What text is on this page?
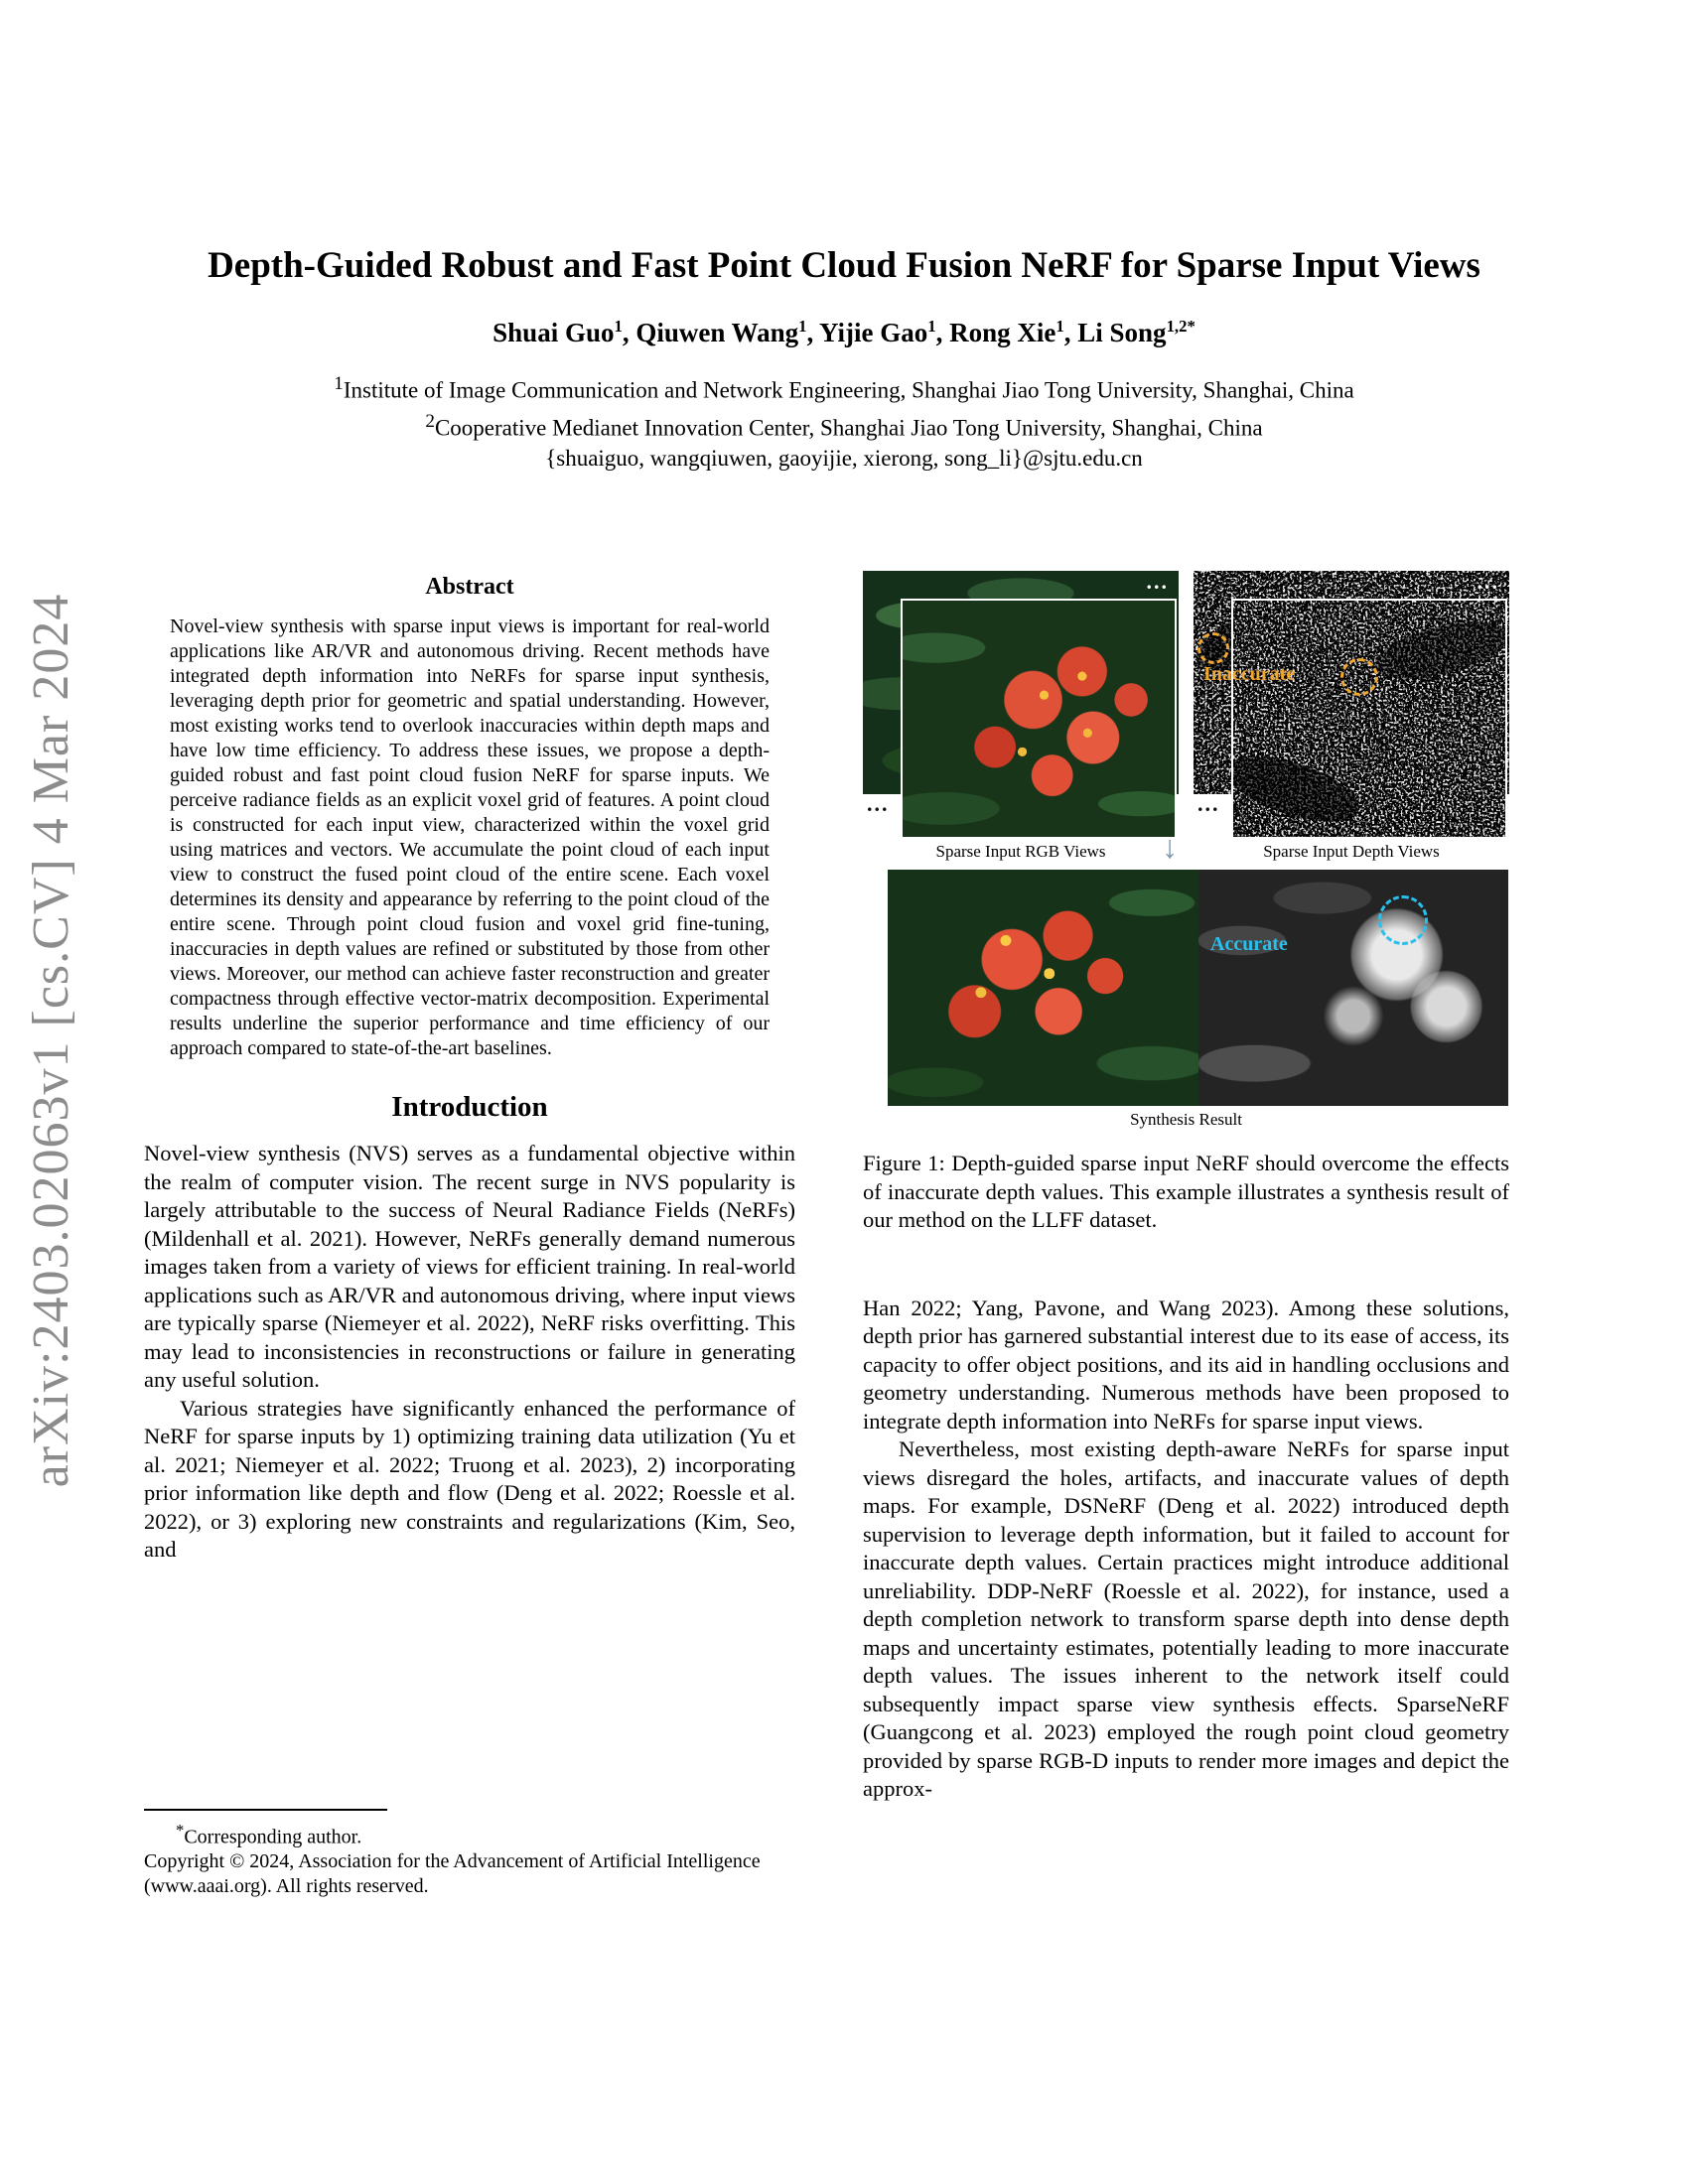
arXiv:2403.02063v1 [cs.CV] 4 Mar 2024
Depth-Guided Robust and Fast Point Cloud Fusion NeRF for Sparse Input Views
Shuai Guo$^1$, Qiuwen Wang$^1$, Yijie Gao$^1$, Rong Xie$^1$, Li Song$^{1,2*}$
$^1$Institute of Image Communication and Network Engineering, Shanghai Jiao Tong University, Shanghai, China
$^2$Cooperative Medianet Innovation Center, Shanghai Jiao Tong University, Shanghai, China
{shuaiguo, wangqiuwen, gaoyijie, xierong, song_li}@sjtu.edu.cn
Abstract

Novel-view synthesis with sparse input views is important for real-world applications like AR/VR and autonomous driving. Recent methods have integrated depth information into NeRFs for sparse input synthesis, leveraging depth prior for geometric and spatial understanding. However, most existing works tend to overlook inaccuracies within depth maps and have low time efficiency. To address these issues, we propose a depth-guided robust and fast point cloud fusion NeRF for sparse inputs. We perceive radiance fields as an explicit voxel grid of features. A point cloud is constructed for each input view, characterized within the voxel grid using matrices and vectors. We accumulate the point cloud of each input view to construct the fused point cloud of the entire scene. Each voxel determines its density and appearance by referring to the point cloud of the entire scene. Through point cloud fusion and voxel grid fine-tuning, inaccuracies in depth values are refined or substituted by those from other views. Moreover, our method can achieve faster reconstruction and greater compactness through effective vector-matrix decomposition. Experimental results underline the superior performance and time efficiency of our approach compared to state-of-the-art baselines.

Introduction

Novel-view synthesis (NVS) serves as a fundamental objective within the realm of computer vision. The recent surge in NVS popularity is largely attributable to the success of Neural Radiance Fields (NeRFs)(Mildenhall et al. 2021). However, NeRFs generally demand numerous images taken from a variety of views for efficient training. In real-world applications such as AR/VR and autonomous driving, where input views are typically sparse (Niemeyer et al. 2022), NeRF risks overfitting. This may lead to inconsistencies in reconstructions or failure in generating any useful solution.

Various strategies have significantly enhanced the performance of NeRF for sparse inputs by 1) optimizing training data utilization (Yu et al. 2021; Niemeyer et al. 2022; Truong et al. 2023), 2) incorporating prior information like depth and flow (Deng et al. 2022; Roessle et al. 2022), or 3) exploring new constraints and regularizations (Kim, Seo, and

...
...
...
...
Inaccurate
Sparse Input RGB Views	Sparse Input Depth Views
↓
Accurate
Synthesis Result
Figure 1: Depth-guided sparse input NeRF should overcome the effects of inaccurate depth values. This example illustrates a synthesis result of our method on the LLFF dataset.

Han 2022; Yang, Pavone, and Wang 2023). Among these solutions, depth prior has garnered substantial interest due to its ease of access, its capacity to offer object positions, and its aid in handling occlusions and geometry understanding. Numerous methods have been proposed to integrate depth information into NeRFs for sparse input views.

Nevertheless, most existing depth-aware NeRFs for sparse input views disregard the holes, artifacts, and inaccurate values of depth maps. For example, DSNeRF (Deng et al. 2022) introduced depth supervision to leverage depth information, but it failed to account for inaccurate depth values. Certain practices might introduce additional unreliability. DDP-NeRF (Roessle et al. 2022), for instance, used a depth completion network to transform sparse depth into dense depth maps and uncertainty estimates, potentially leading to more inaccurate depth values. The issues inherent to the network itself could subsequently impact sparse view synthesis effects. SparseNeRF (Guangcong et al. 2023) employed the rough point cloud geometry provided by sparse RGB-D inputs to render more images and depict the approx-

*Corresponding author.
Copyright © 2024, Association for the Advancement of Artificial Intelligence (www.aaai.org). All rights reserved.
